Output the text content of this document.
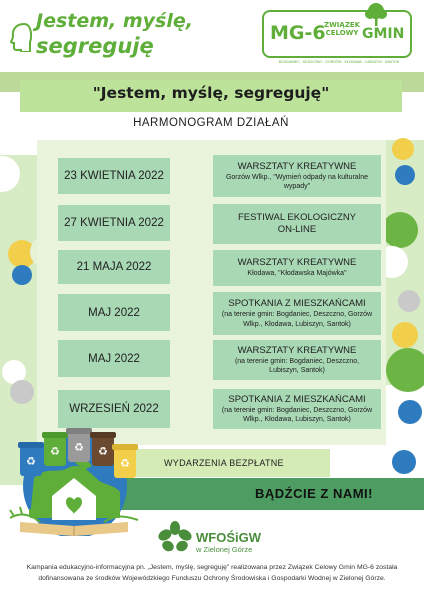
Jestem, myślę,
segreguję
MG-6
ZWIĄZEK CELOWY GMIN
BOGDANIEC · DESZCZNO · GORZÓW · KŁODAWA · LUBISZYN · SANTOK
"Jestem, myślę, segreguję"
HARMONOGRAM DZIAŁAŃ
23 KWIETNIA 2022
WARSZTATY KREATYWNE
Gorzów Wlkp., "Wymień odpady na kulturalne wypady"
27 KWIETNIA 2022	FESTIWAL EKOLOGICZNY ON-LINE
21 MAJA 2022	WARSZTATY KREATYWNE
Kłodawa, "Kłodawska Majówka"
MAJ 2022
SPOTKANIA Z MIESZKAŃCAMI
(na terenie gmin: Bogdaniec, Deszczno, Gorzów Wlkp., Kłodawa, Lubiszyn, Santok)
MAJ 2022
WARSZTATY KREATYWNE
(na terenie gmin: Bogdaniec, Deszczno, Lubiszyn, Santok)
WRZESIEŃ 2022
SPOTKANIA Z MIESZKAŃCAMI
(na terenie gmin: Bogdaniec, Deszczno, Gorzów Wlkp., Kłodawa, Lubiszyn, Santok)
WYDARZENIA BEZPŁATNE
BĄDŹCIE Z NAMI!
♻
♻ ♻ ♻
♻
WFOŚiGW
w Zielonej Górze
Kampania edukacyjno-informacyjna pn. „Jestem, myślę, segreguję" realizowana przez Związek Celowy Gmin MG-6 została dofinansowana ze środków Wojewódzkiego Funduszu Ochrony Środowiska i Gospodarki Wodnej w Zielonej Górze.
